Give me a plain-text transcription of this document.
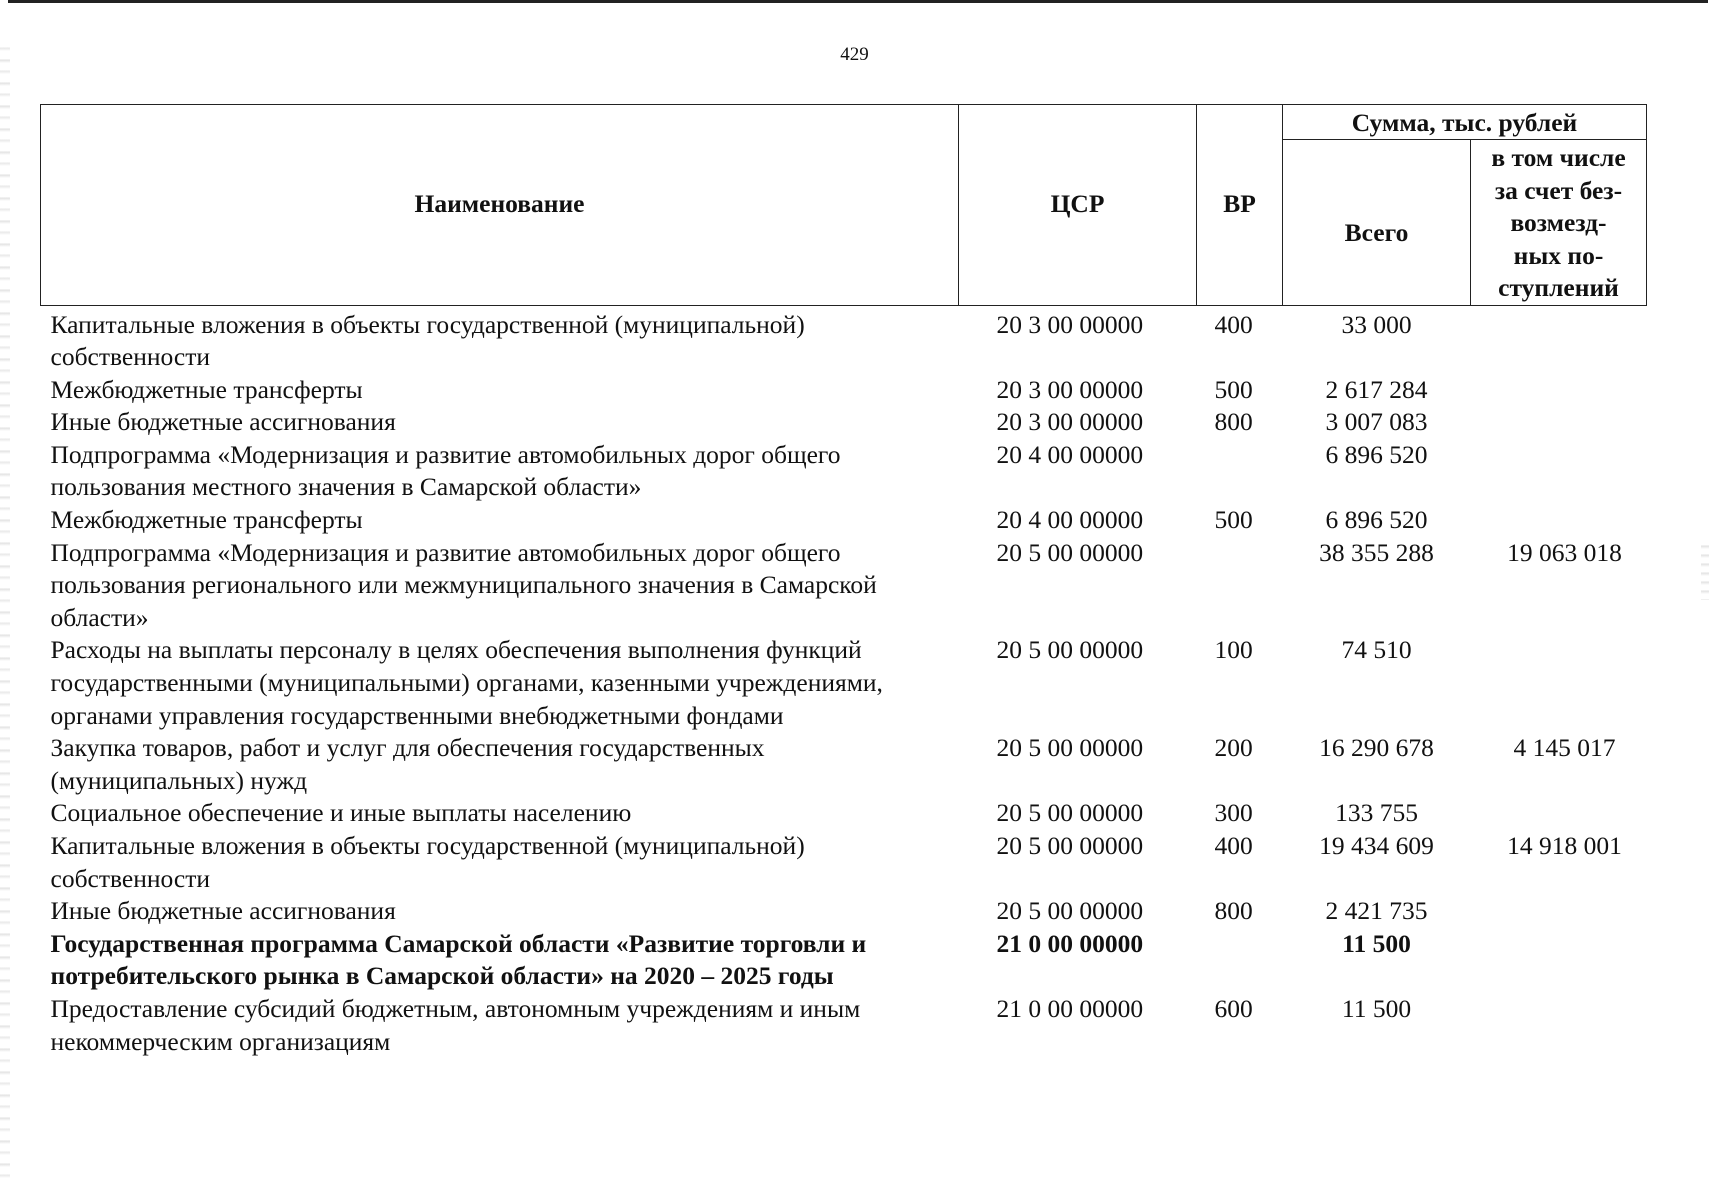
429
Наименование	ЦСР	ВР	Сумма, тыс. рублей	
			Всего	в том числе
за счет без-
возмезд-
ных по-
ступлений
Капитальные вложения в объекты государственной (муниципальной) собственности	20 3 00 00000	400	33 000	
Межбюджетные трансферты	20 3 00 00000	500	2 617 284	
Иные бюджетные ассигнования	20 3 00 00000	800	3 007 083	
Подпрограмма «Модернизация и развитие автомобильных дорог общего пользования местного значения в Самарской области»	20 4 00 00000		6 896 520	
Межбюджетные трансферты	20 4 00 00000	500	6 896 520	
Подпрограмма «Модернизация и развитие автомобильных дорог общего пользования регионального или межмуниципального значения в Самарской области»	20 5 00 00000		38 355 288	19 063 018
Расходы на выплаты персоналу в целях обеспечения выполнения функций государственными (муниципальными) органами, казенными учреждениями, органами управления государственными внебюджетными фондами	20 5 00 00000	100	74 510	
Закупка товаров, работ и услуг для обеспечения государственных (муниципальных) нужд	20 5 00 00000	200	16 290 678	4 145 017
Социальное обеспечение и иные выплаты населению	20 5 00 00000	300	133 755	
Капитальные вложения в объекты государственной (муниципальной) собственности	20 5 00 00000	400	19 434 609	14 918 001
Иные бюджетные ассигнования	20 5 00 00000	800	2 421 735	
Государственная программа Самарской области «Развитие торговли и потребительского рынка в Самарской области» на 2020 – 2025 годы	21 0 00 00000		11 500	
Предоставление субсидий бюджетным, автономным учреждениям и иным некоммерческим организациям	21 0 00 00000	600	11 500	
